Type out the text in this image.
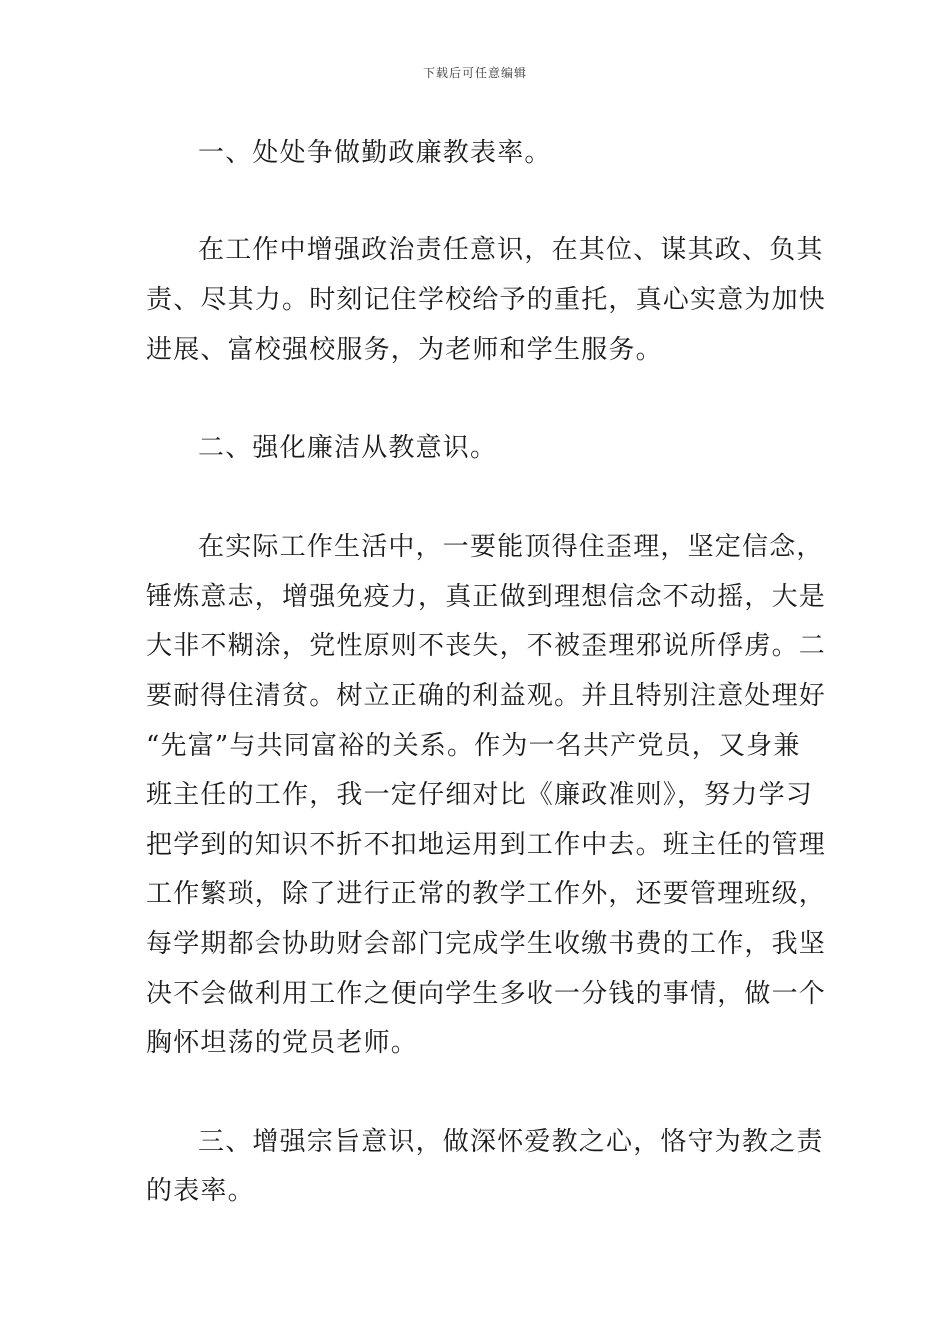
下载后可任意编辑
一、处处争做勤政廉教表率。
在工作中增强政治责任意识，在其位、谋其政、负其
责、尽其力。时刻记住学校给予的重托，真心实意为加快
进展、富校强校服务，为老师和学生服务。
二、强化廉洁从教意识。
在实际工作生活中，一要能顶得住歪理，坚定信念，
锤炼意志，增强免疫力，真正做到理想信念不动摇，大是
大非不糊涂，党性原则不丧失，不被歪理邪说所俘虏。二
要耐得住清贫。树立正确的利益观。并且特别注意处理好
“先富”与共同富裕的关系。作为一名共产党员，又身兼
班主任的工作，我一定仔细对比《廉政准则》，努力学习
把学到的知识不折不扣地运用到工作中去。班主任的管理
工作繁琐，除了进行正常的教学工作外，还要管理班级，
每学期都会协助财会部门完成学生收缴书费的工作，我坚
决不会做利用工作之便向学生多收一分钱的事情，做一个
胸怀坦荡的党员老师。
三、增强宗旨意识，做深怀爱教之心，恪守为教之责
的表率。
